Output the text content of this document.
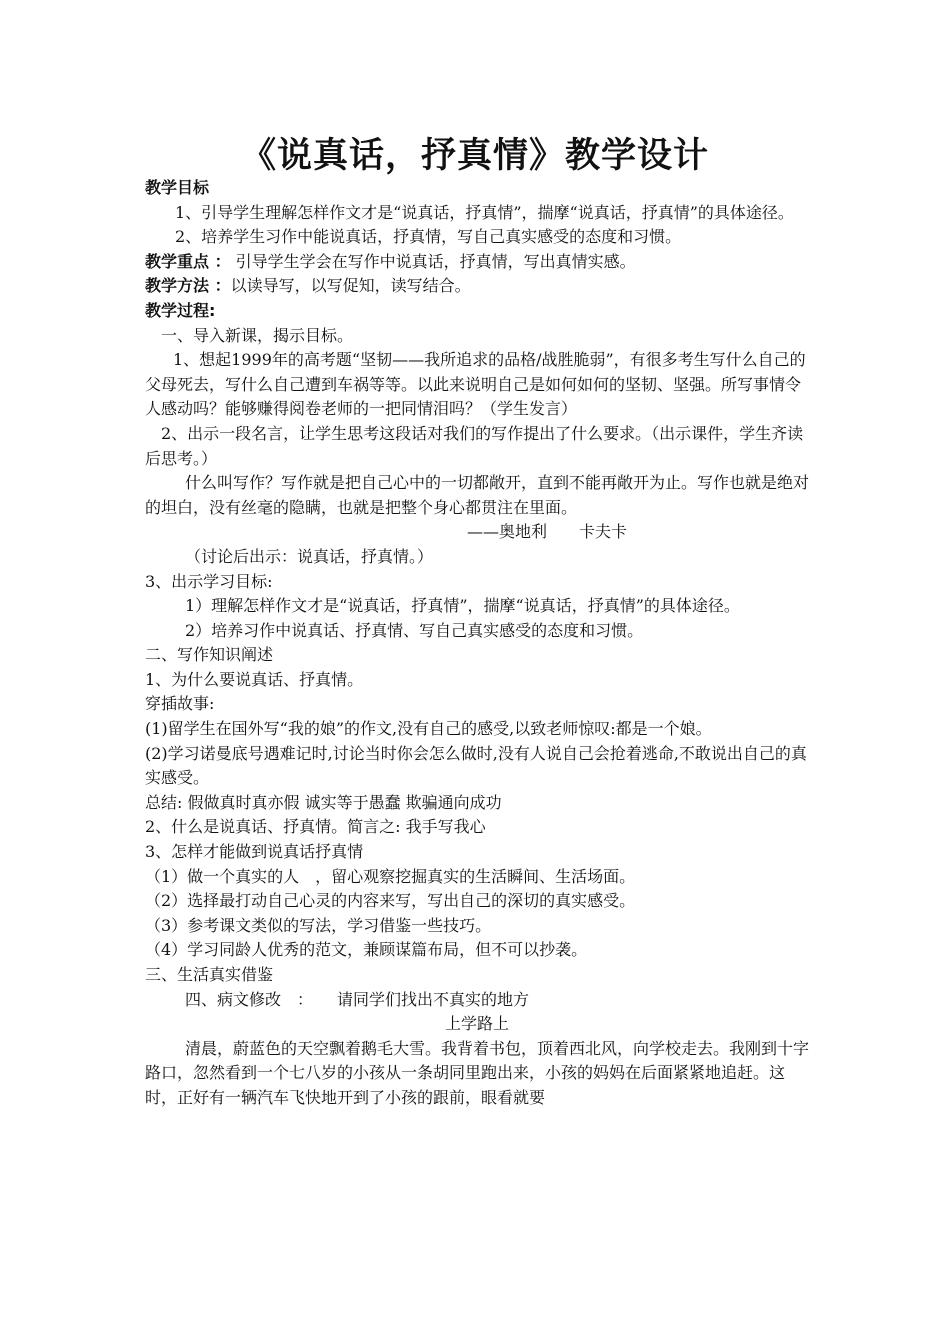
《说真话，抒真情》教学设计

教学目标

1、引导学生理解怎样作文才是“说真话，抒真情”，揣摩“说真话，抒真情”的具体途径。

2、培养学生习作中能说真话，抒真情，写自己真实感受的态度和习惯。

教学重点 ： 引导学生学会在写作中说真话，抒真情，写出真情实感。

教学方法 ：以读导写，以写促知，读写结合。

教学过程:

一、导入新课，揭示目标。

1、想起1999年的高考题“坚韧——我所追求的品格/战胜脆弱”，有很多考生写什么自己的父母死去，写什么自己遭到车祸等等。以此来说明自己是如何如何的坚韧、坚强。所写事情令人感动吗？能够赚得阅卷老师的一把同情泪吗？（学生发言）

2、出示一段名言，让学生思考这段话对我们的写作提出了什么要求。（出示课件，学生齐读后思考。）

什么叫写作？写作就是把自己心中的一切都敞开，直到不能再敞开为止。写作也就是绝对的坦白，没有丝毫的隐瞒，也就是把整个身心都贯注在里面。

——奥地利　　卡夫卡

（讨论后出示：说真话，抒真情。）

3、出示学习目标:

1）理解怎样作文才是“说真话，抒真情”，揣摩“说真话，抒真情”的具体途径。

2）培养习作中说真话、抒真情、写自己真实感受的态度和习惯。

二、写作知识阐述

1、为什么要说真话、抒真情。

穿插故事:

(1)留学生在国外写“我的娘”的作文,没有自己的感受,以致老师惊叹:都是一个娘。

(2)学习诺曼底号遇难记时,讨论当时你会怎么做时,没有人说自己会抢着逃命,不敢说出自己的真实感受。

总结: 假做真时真亦假 诚实等于愚蠢 欺骗通向成功

2、什么是说真话、抒真情。简言之: 我手写我心

3、怎样才能做到说真话抒真情

（1）做一个真实的人　，留心观察挖掘真实的生活瞬间、生活场面。

（2）选择最打动自己心灵的内容来写，写出自己的深切的真实感受。

（3）参考课文类似的写法，学习借鉴一些技巧。

（4）学习同龄人优秀的范文，兼顾谋篇布局，但不可以抄袭。

三、生活真实借鉴

四、病文修改　：　　请同学们找出不真实的地方

上学路上

清晨，蔚蓝色的天空飘着鹅毛大雪。我背着书包，顶着西北风，向学校走去。我刚到十字路口，忽然看到一个七八岁的小孩从一条胡同里跑出来，小孩的妈妈在后面紧紧地追赶。这时，正好有一辆汽车飞快地开到了小孩的跟前，眼看就要
